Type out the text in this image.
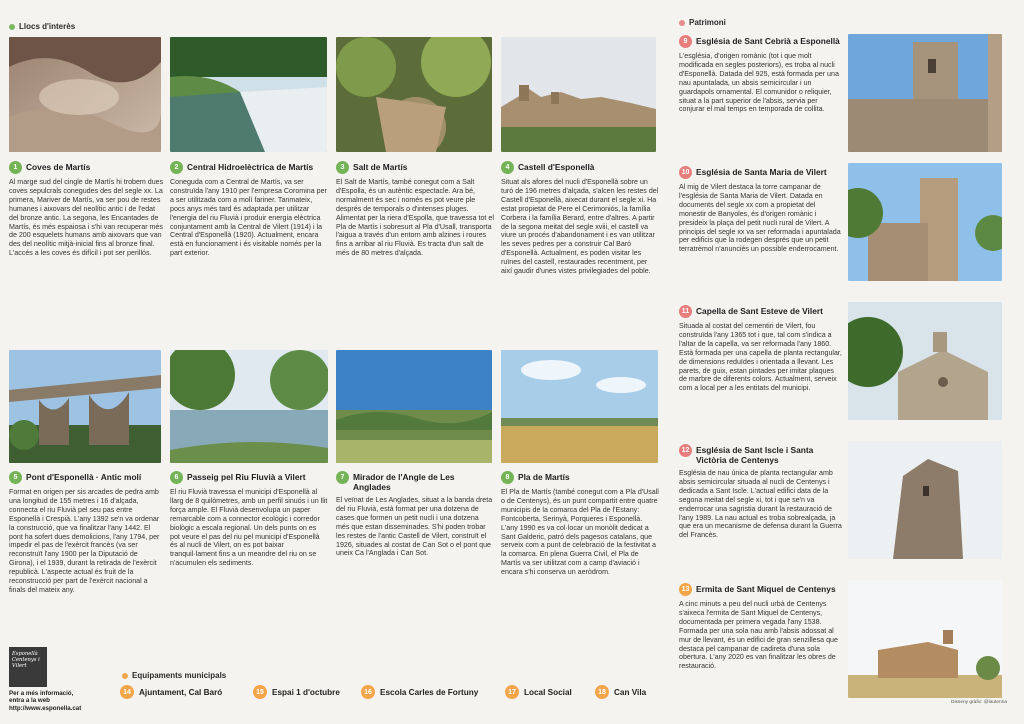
Llocs d'interès	Patrimoni
1	Coves de Martís
Al marge sud del cingle de Martís hi trobem dues coves sepulcrals conegudes des del segle xx. La primera, Mariver de Martís, va ser pou de restes humanes i aixovars del neolític antic i de l'edat del bronze antic. La segona, les Encantades de Martís, és més espaiosa i s'hi van recuperar més de 200 esquelets humans amb aixovars que van des del neolític mitjà-inicial fins al bronze final. L'accés a les coves és difícil i pot ser perillós.
2	Central Hidroelèctrica de Martís
Coneguda com a Central de Martís, va ser construïda l'any 1910 per l'empresa Coromina per a ser utilitzada com a molí fariner. Tanmateix, pocs anys més tard és adaptada per utilitzar l'energia del riu Fluvià i produir energia elèctrica conjuntament amb la Central de Vilert (1914) i la Central d'Esponellà (1920). Actualment, encara està en funcionament i és visitable només per la part exterior.
3	Salt de Martís
El Salt de Martís, també conegut com a Salt d'Espolla, és un autèntic espectacle. Ara bé, normalment és sec i només es pot veure ple després de temporals o d'intenses pluges. Alimentat per la riera d'Espolla, que travessa tot el Pla de Martís i sobresurt al Pla d'Usall, transporta l'aigua a través d'un entorn amb alzines i roures fins a arribar al riu Fluvià. Es tracta d'un salt de més de 80 metres d'alçada.
4	Castell d'Esponellà
Situat als afores del nucli d'Esponellà sobre un turó de 196 metres d'alçada, s'alcen les restes del Castell d'Esponellà, aixecat durant el segle xi. Ha estat propietat de Pere el Cerimoniós, la família Corbera i la família Berard, entre d'altres. A partir de la segona meitat del segle xviii, el castell va viure un procés d'abandonament i es van utilitzar les seves pedres per a construir Cal Baró d'Esponellà. Actualment, es poden visitar les ruïnes del castell, restaurades recentment, per així gaudir d'unes vistes privilegiades del poble.
5	Pont d'Esponellà · Antic molí
Format en origen per sis arcades de pedra amb una longitud de 155 metres i 16 d'alçada, connecta el riu Fluvià pel seu pas entre Esponellà i Crespià. L'any 1392 se'n va ordenar la construcció, que va finalitzar l'any 1442. El pont ha sofert dues demolicions, l'any 1794, per impedir el pas de l'exèrcit francès (va ser reconstruït l'any 1900 per la Diputació de Girona), i el 1939, durant la retirada de l'exèrcit republicà. L'aspecte actual és fruit de la reconstrucció per part de l'exèrcit nacional a finals del mateix any.
6	Passeig pel Riu Fluvià a Vilert
El riu Fluvià travessa el municipi d'Esponellà al llarg de 8 quilòmetres, amb un perfil sinuós i un llit força ample. El Fluvià desenvolupa un paper remarcable com a connector ecològic i corredor biològic a escala regional. Un dels punts on es pot veure el pas del riu pel municipi d'Esponellà és al nucli de Vilert, on es pot baixar tranquil·lament fins a un meandre del riu on se n'acumulen els sediments.
7	Mirador de l'Angle de Les Anglades
El veïnat de Les Anglades, situat a la banda dreta del riu Fluvià, està format per una dotzena de cases que formen un petit nucli i una dotzena més que estan disseminades. S'hi poden trobar les restes de l'antic Castell de Vilert, construït el 1926, situades al costat de Can Sot o el pont que uneix Ca l'Anglada i Can Sot.
8	Pla de Martís
El Pla de Martís (també conegut com a Pla d'Usall o de Centenys), és un punt compartit entre quatre municipis de la comarca del Pla de l'Estany: Fontcoberta, Serinyà, Porqueres i Esponellà. L'any 1990 es va col·locar un monòlit dedicat a Sant Galderic, patró dels pagesos catalans, que serveix com a punt de celebració de la festivitat a la comarca. En plena Guerra Civil, el Pla de Martís va ser utilitzat com a camp d'aviació i encara s'hi conserva un aeròdrom.
9	Església de Sant Cebrià a Esponellà
L'església, d'origen romànic (tot i que molt modificada en segles posteriors), es troba al nucli d'Esponellà. Datada del 925, està formada per una nau apuntalada, un absis semicircular i un guardapols ornamental. El comunidor o reliquier, situat a la part superior de l'absis, servia per conjurar el mal temps en temporada de collita.
10 Església de Santa Maria de Vilert
Al mig de Vilert destaca la torre campanar de l'església de Santa Maria de Vilert. Datada en documents del segle xx com a propietat del monestir de Banyoles, és d'origen romànic i presideix la plaça del petit nucli rural de Vilert. A principis del segle xx va ser reformada i apuntalada per edificis que la rodegen després que un petit terratrèmol n'anunciés un possible enderrocament.
11 Capella de Sant Esteve de Vilert
Situada al costat del cementiri de Vilert, fou construïda l'any 1365 tot i que, tal com s'indica a l'altar de la capella, va ser reformada l'any 1860. Està formada per una capella de planta rectangular, de dimensions reduïdes i orientada a llevant. Les parets, de guix, estan pintades per imitar plaques de marbre de diferents colors. Actualment, serveix com a local per a les entitats del municipi.
12 Església de Sant Iscle i Santa Victòria de Centenys
Església de nau única de planta rectangular amb absis semicircular situada al nucli de Centenys i dedicada a Sant Iscle. L'actual edifici data de la segona meitat del segle xi, tot i que se'n va enderrocar una sagristia durant la restauració de l'any 1989. La nau actual es troba sobrealçada, ja que era un mecanisme de defensa durant la Guerra del Francès.
13 Ermita de Sant Miquel de Centenys
A cinc minuts a peu del nucli urbà de Centenys s'aixeca l'ermita de Sant Miquel de Centenys, documentada per primera vegada l'any 1538. Formada per una sola nau amb l'absis adossat al mur de llevant, és un edifici de gran senzillesa que destaca pel campanar de cadireta d'una sola obertura. L'any 2020 es van finalitzar les obres de restauració.
Esponellà Centenys i Vilert
Per a més informació,
entra a la web
http://www.esponella.cat
Equipaments municipals
14 Ajuntament, Cal Baró	15 Espai 1 d'octubre	16 Escola Carles de Fortuny	17 Local Social	18 Can Vila
Disseny gràfic: @lauterina
